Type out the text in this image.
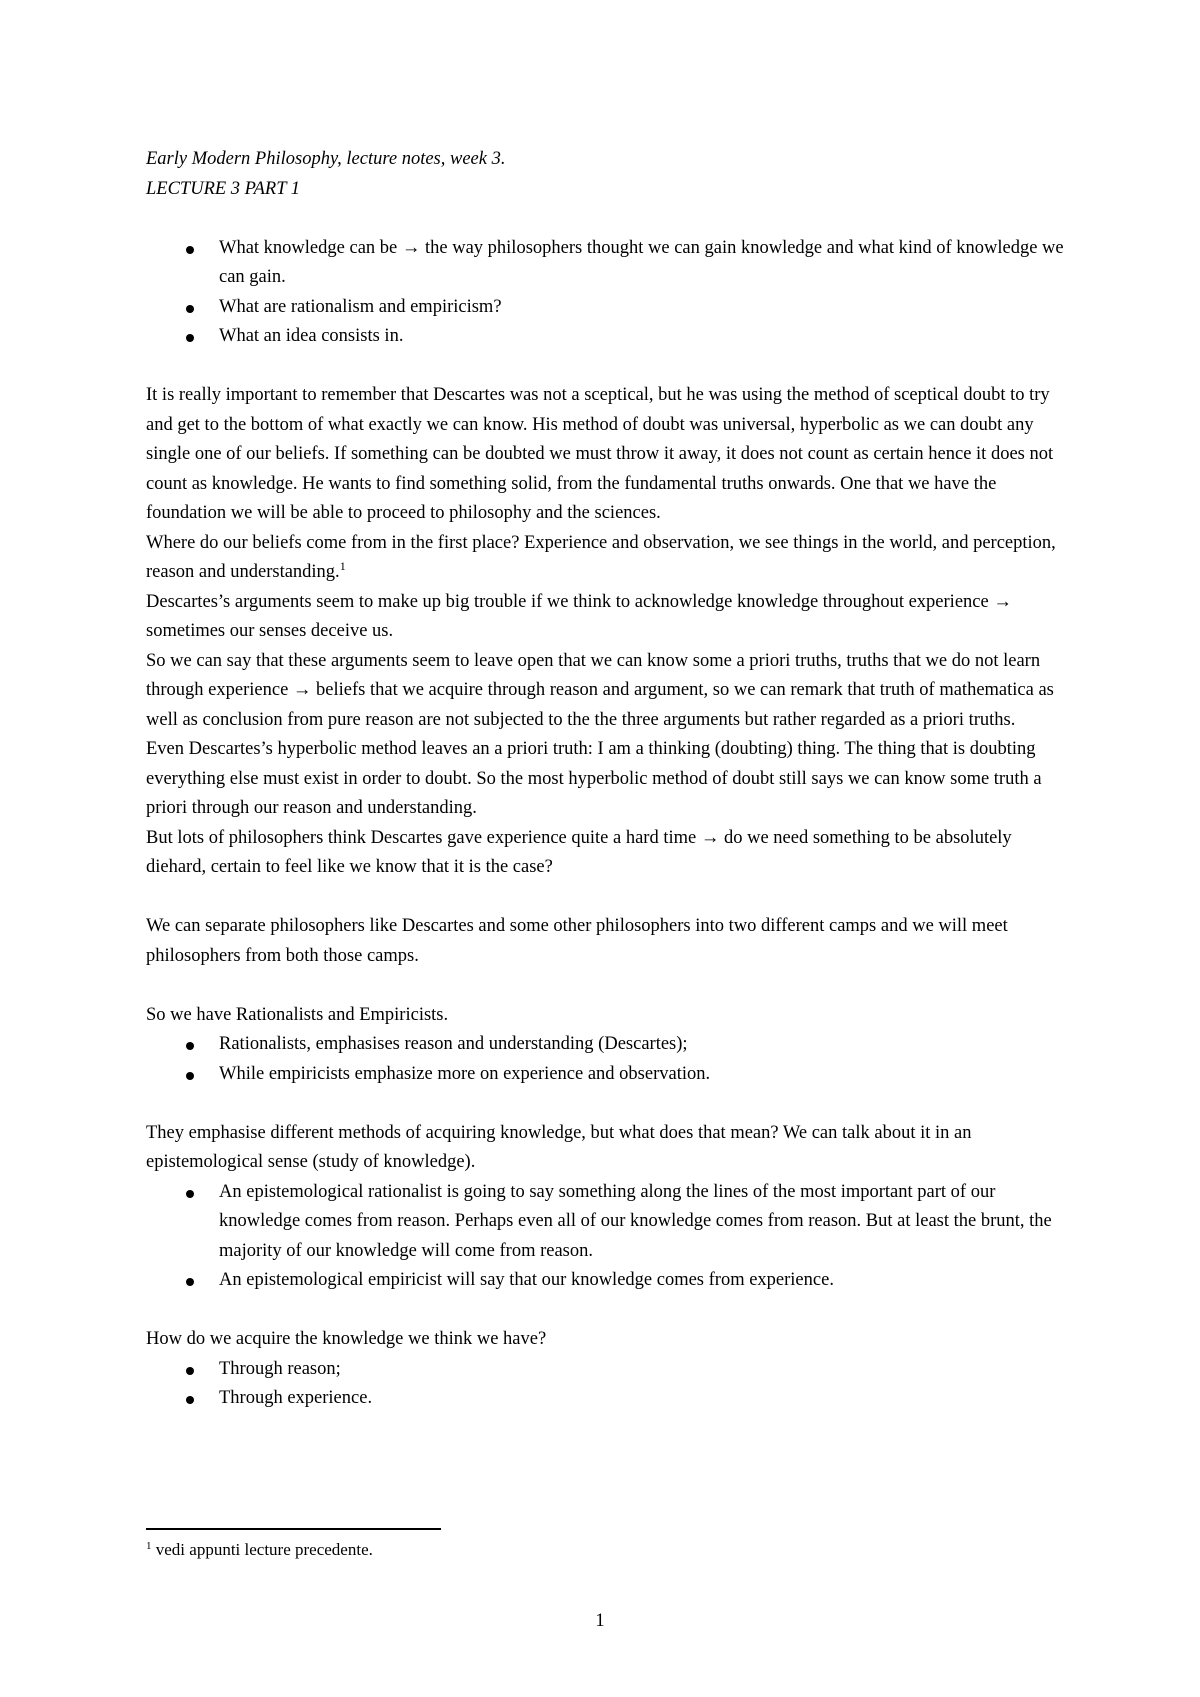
Early Modern Philosophy, lecture notes, week 3.

LECTURE 3 PART 1

What knowledge can be → the way philosophers thought we can gain knowledge and what kind of knowledge we can gain.
What are rationalism and empiricism?
What an idea consists in.

It is really important to remember that Descartes was not a sceptical, but he was using the method of sceptical doubt to try and get to the bottom of what exactly we can know. His method of doubt was universal, hyperbolic as we can doubt any single one of our beliefs. If something can be doubted we must throw it away, it does not count as certain hence it does not count as knowledge. He wants to find something solid, from the fundamental truths onwards. One that we have the foundation we will be able to proceed to philosophy and the sciences.

Where do our beliefs come from in the first place? Experience and observation, we see things in the world, and perception, reason and understanding.$^1$

Descartes’s arguments seem to make up big trouble if we think to acknowledge knowledge throughout experience → sometimes our senses deceive us.

So we can say that these arguments seem to leave open that we can know some a priori truths, truths that we do not learn through experience → beliefs that we acquire through reason and argument, so we can remark that truth of mathematica as well as conclusion from pure reason are not subjected to the the three arguments but rather regarded as a priori truths.

Even Descartes’s hyperbolic method leaves an a priori truth: I am a thinking (doubting) thing. The thing that is doubting everything else must exist in order to doubt. So the most hyperbolic method of doubt still says we can know some truth a priori through our reason and understanding.

But lots of philosophers think Descartes gave experience quite a hard time → do we need something to be absolutely diehard, certain to feel like we know that it is the case?

We can separate philosophers like Descartes and some other philosophers into two different camps and we will meet philosophers from both those camps.

So we have Rationalists and Empiricists.

Rationalists, emphasises reason and understanding (Descartes);
While empiricists emphasize more on experience and observation.

They emphasise different methods of acquiring knowledge, but what does that mean? We can talk about it in an epistemological sense (study of knowledge).

An epistemological rationalist is going to say something along the lines of the most important part of our knowledge comes from reason. Perhaps even all of our knowledge comes from reason. But at least the brunt, the majority of our knowledge will come from reason.
An epistemological empiricist will say that our knowledge comes from experience.

How do we acquire the knowledge we think we have?

Through reason;
Through experience.
$^1$ vedi appunti lecture precedente.
1
